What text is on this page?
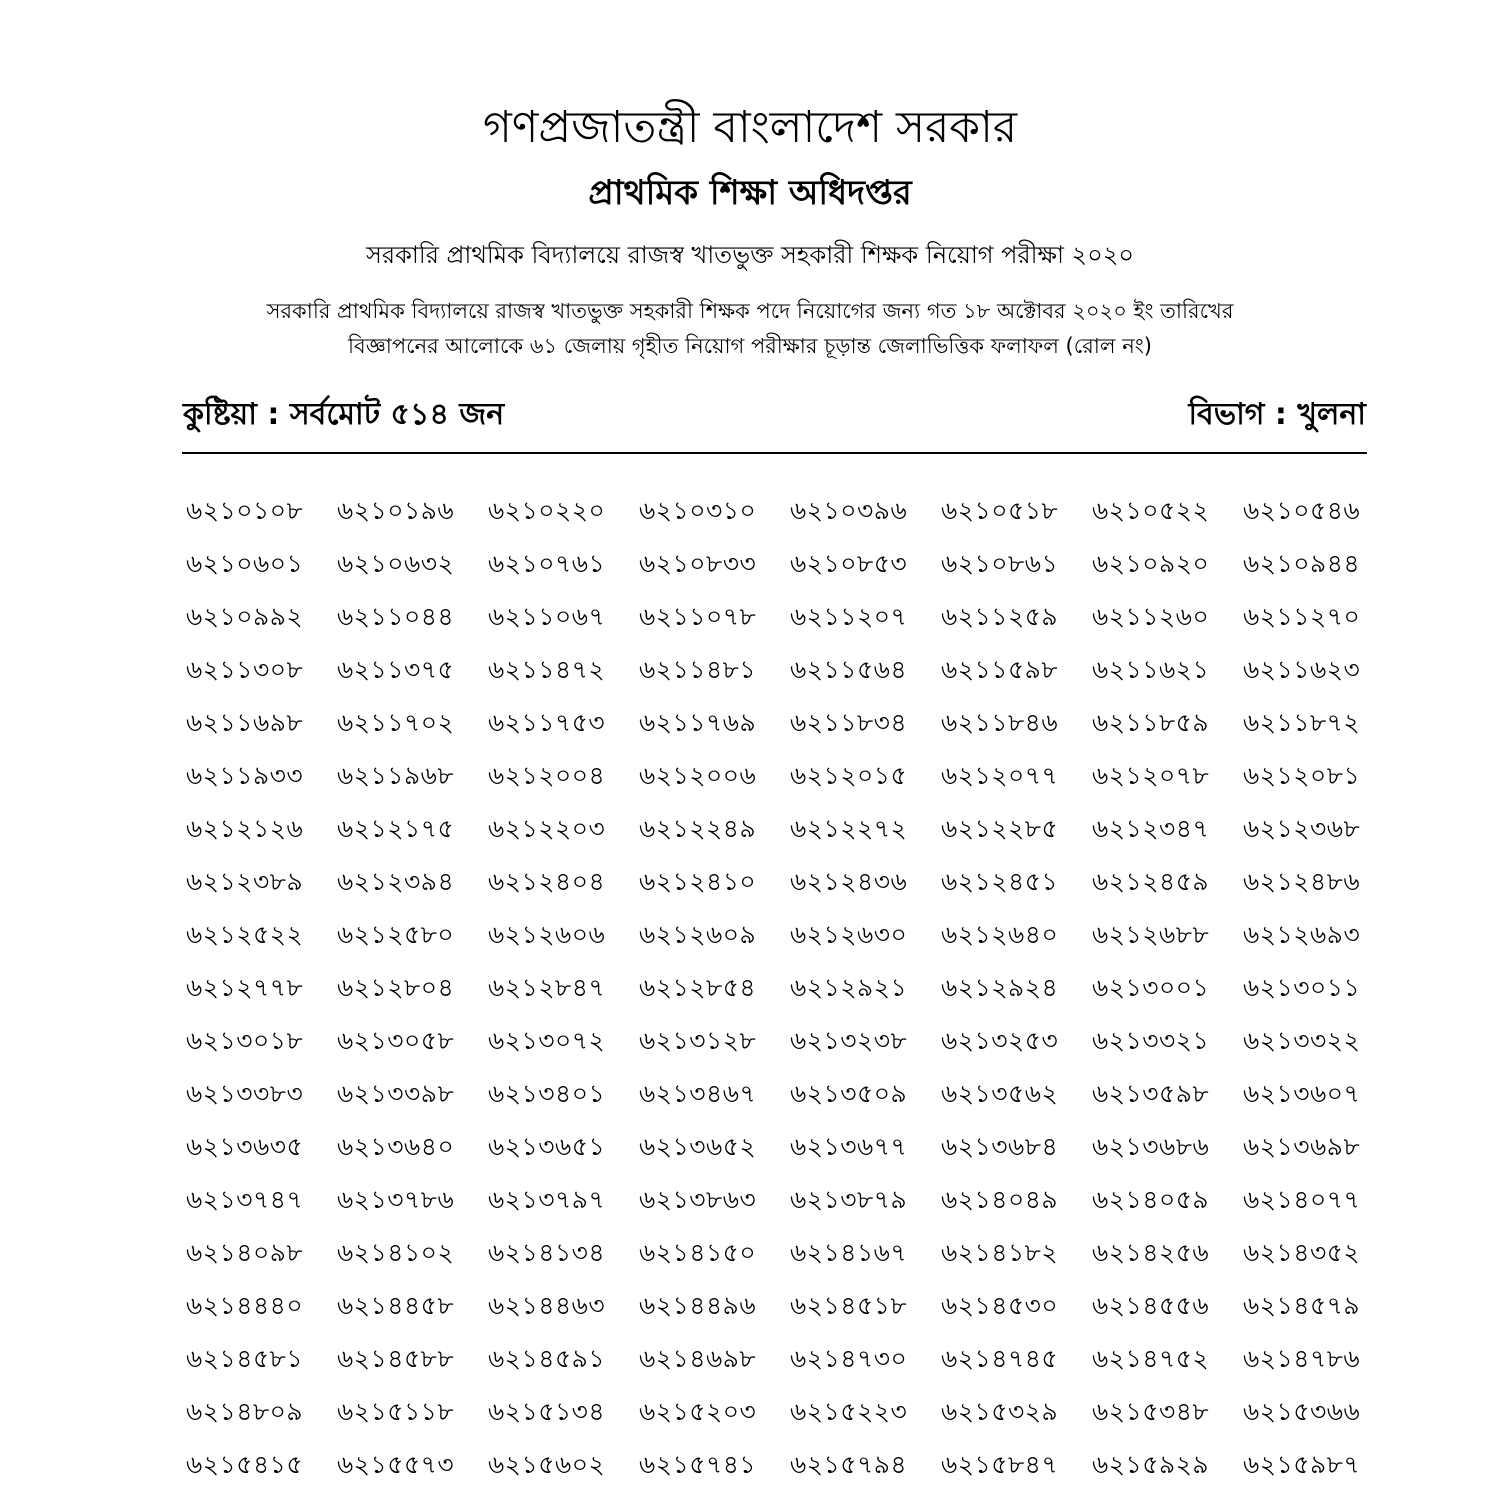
গণপ্রজাতন্ত্রী বাংলাদেশ সরকার
প্রাথমিক শিক্ষা অধিদপ্তর

সরকারি প্রাথমিক বিদ্যালয়ে রাজস্ব খাতভুক্ত সহকারী শিক্ষক নিয়োগ পরীক্ষা ২০২০

সরকারি প্রাথমিক বিদ্যালয়ে রাজস্ব খাতভুক্ত সহকারী শিক্ষক পদে নিয়োগের জন্য গত ১৮ অক্টোবর ২০২০ ইং তারিখের
বিজ্ঞাপনের আলোকে ৬১ জেলায় গৃহীত নিয়োগ পরীক্ষার চূড়ান্ত জেলাভিত্তিক ফলাফল (রোল নং)

কুষ্টিয়া : সর্বমোট ৫১৪ জন	বিভাগ : খুলনা
৬২১০১০৮	৬২১০১৯৬	৬২১০২২০	৬২১০৩১০	৬২১০৩৯৬	৬২১০৫১৮	৬২১০৫২২	৬২১০৫৪৬
৬২১০৬০১	৬২১০৬৩২	৬২১০৭৬১	৬২১০৮৩৩	৬২১০৮৫৩	৬২১০৮৬১	৬২১০৯২০	৬২১০৯৪৪
৬২১০৯৯২	৬২১১০৪৪	৬২১১০৬৭	৬২১১০৭৮	৬২১১২০৭	৬২১১২৫৯	৬২১১২৬০	৬২১১২৭০
৬২১১৩০৮	৬২১১৩৭৫	৬২১১৪৭২	৬২১১৪৮১	৬২১১৫৬৪	৬২১১৫৯৮	৬২১১৬২১	৬২১১৬২৩
৬২১১৬৯৮	৬২১১৭০২	৬২১১৭৫৩	৬২১১৭৬৯	৬২১১৮৩৪	৬২১১৮৪৬	৬২১১৮৫৯	৬২১১৮৭২
৬২১১৯৩৩	৬২১১৯৬৮	৬২১২০০৪	৬২১২০০৬	৬২১২০১৫	৬২১২০৭৭	৬২১২০৭৮	৬২১২০৮১
৬২১২১২৬	৬২১২১৭৫	৬২১২২০৩	৬২১২২৪৯	৬২১২২৭২	৬২১২২৮৫	৬২১২৩৪৭	৬২১২৩৬৮
৬২১২৩৮৯	৬২১২৩৯৪	৬২১২৪০৪	৬২১২৪১০	৬২১২৪৩৬	৬২১২৪৫১	৬২১২৪৫৯	৬২১২৪৮৬
৬২১২৫২২	৬২১২৫৮০	৬২১২৬০৬	৬২১২৬০৯	৬২১২৬৩০	৬২১২৬৪০	৬২১২৬৮৮	৬২১২৬৯৩
৬২১২৭৭৮	৬২১২৮০৪	৬২১২৮৪৭	৬২১২৮৫৪	৬২১২৯২১	৬২১২৯২৪	৬২১৩০০১	৬২১৩০১১
৬২১৩০১৮	৬২১৩০৫৮	৬২১৩০৭২	৬২১৩১২৮	৬২১৩২৩৮	৬২১৩২৫৩	৬২১৩৩২১	৬২১৩৩২২
৬২১৩৩৮৩	৬২১৩৩৯৮	৬২১৩৪০১	৬২১৩৪৬৭	৬২১৩৫০৯	৬২১৩৫৬২	৬২১৩৫৯৮	৬২১৩৬০৭
৬২১৩৬৩৫	৬২১৩৬৪০	৬২১৩৬৫১	৬২১৩৬৫২	৬২১৩৬৭৭	৬২১৩৬৮৪	৬২১৩৬৮৬	৬২১৩৬৯৮
৬২১৩৭৪৭	৬২১৩৭৮৬	৬২১৩৭৯৭	৬২১৩৮৬৩	৬২১৩৮৭৯	৬২১৪০৪৯	৬২১৪০৫৯	৬২১৪০৭৭
৬২১৪০৯৮	৬২১৪১০২	৬২১৪১৩৪	৬২১৪১৫০	৬২১৪১৬৭	৬২১৪১৮২	৬২১৪২৫৬	৬২১৪৩৫২
৬২১৪৪৪০	৬২১৪৪৫৮	৬২১৪৪৬৩	৬২১৪৪৯৬	৬২১৪৫১৮	৬২১৪৫৩০	৬২১৪৫৫৬	৬২১৪৫৭৯
৬২১৪৫৮১	৬২১৪৫৮৮	৬২১৪৫৯১	৬২১৪৬৯৮	৬২১৪৭৩০	৬২১৪৭৪৫	৬২১৪৭৫২	৬২১৪৭৮৬
৬২১৪৮০৯	৬২১৫১১৮	৬২১৫১৩৪	৬২১৫২০৩	৬২১৫২২৩	৬২১৫৩২৯	৬২১৫৩৪৮	৬২১৫৩৬৬
৬২১৫৪১৫	৬২১৫৫৭৩	৬২১৫৬০২	৬২১৫৭৪১	৬২১৫৭৯৪	৬২১৫৮৪৭	৬২১৫৯২৯	৬২১৫৯৮৭
